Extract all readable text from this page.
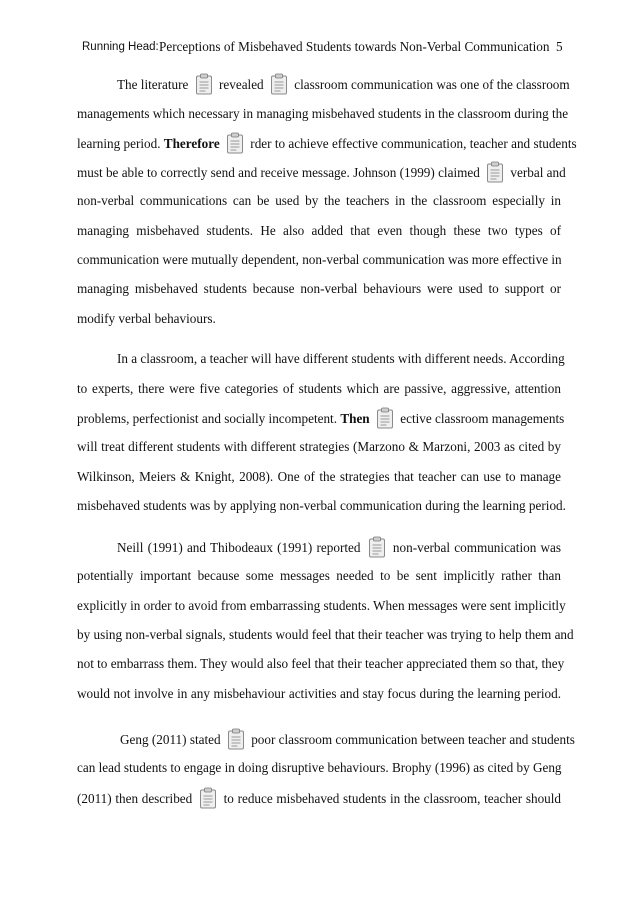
Running Head: Perceptions of Misbehaved Students towards Non-Verbal Communication 5
The literature revealed classroom communication was one of the classroom
managements which necessary in managing misbehaved students in the classroom during the
learning period. Therefore rder to achieve effective communication, teacher and students
must be able to correctly send and receive message. Johnson (1999) claimed verbal and
non-verbal communications can be used by the teachers in the classroom especially in
managing misbehaved students. He also added that even though these two types of
communication were mutually dependent, non-verbal communication was more effective in
managing misbehaved students because non-verbal behaviours were used to support or
modify verbal behaviours.
In a classroom, a teacher will have different students with different needs. According
to experts, there were five categories of students which are passive, aggressive, attention
problems, perfectionist and socially incompetent. Then ective classroom managements
will treat different students with different strategies (Marzono & Marzoni, 2003 as cited by
Wilkinson, Meiers & Knight, 2008). One of the strategies that teacher can use to manage
misbehaved students was by applying non-verbal communication during the learning period.
Neill (1991) and Thibodeaux (1991) reported non-verbal communication was
potentially important because some messages needed to be sent implicitly rather than
explicitly in order to avoid from embarrassing students. When messages were sent implicitly
by using non-verbal signals, students would feel that their teacher was trying to help them and
not to embarrass them. They would also feel that their teacher appreciated them so that, they
would not involve in any misbehaviour activities and stay focus during the learning period.
Geng (2011) stated poor classroom communication between teacher and students
can lead students to engage in doing disruptive behaviours. Brophy (1996) as cited by Geng
(2011) then described to reduce misbehaved students in the classroom, teacher should
